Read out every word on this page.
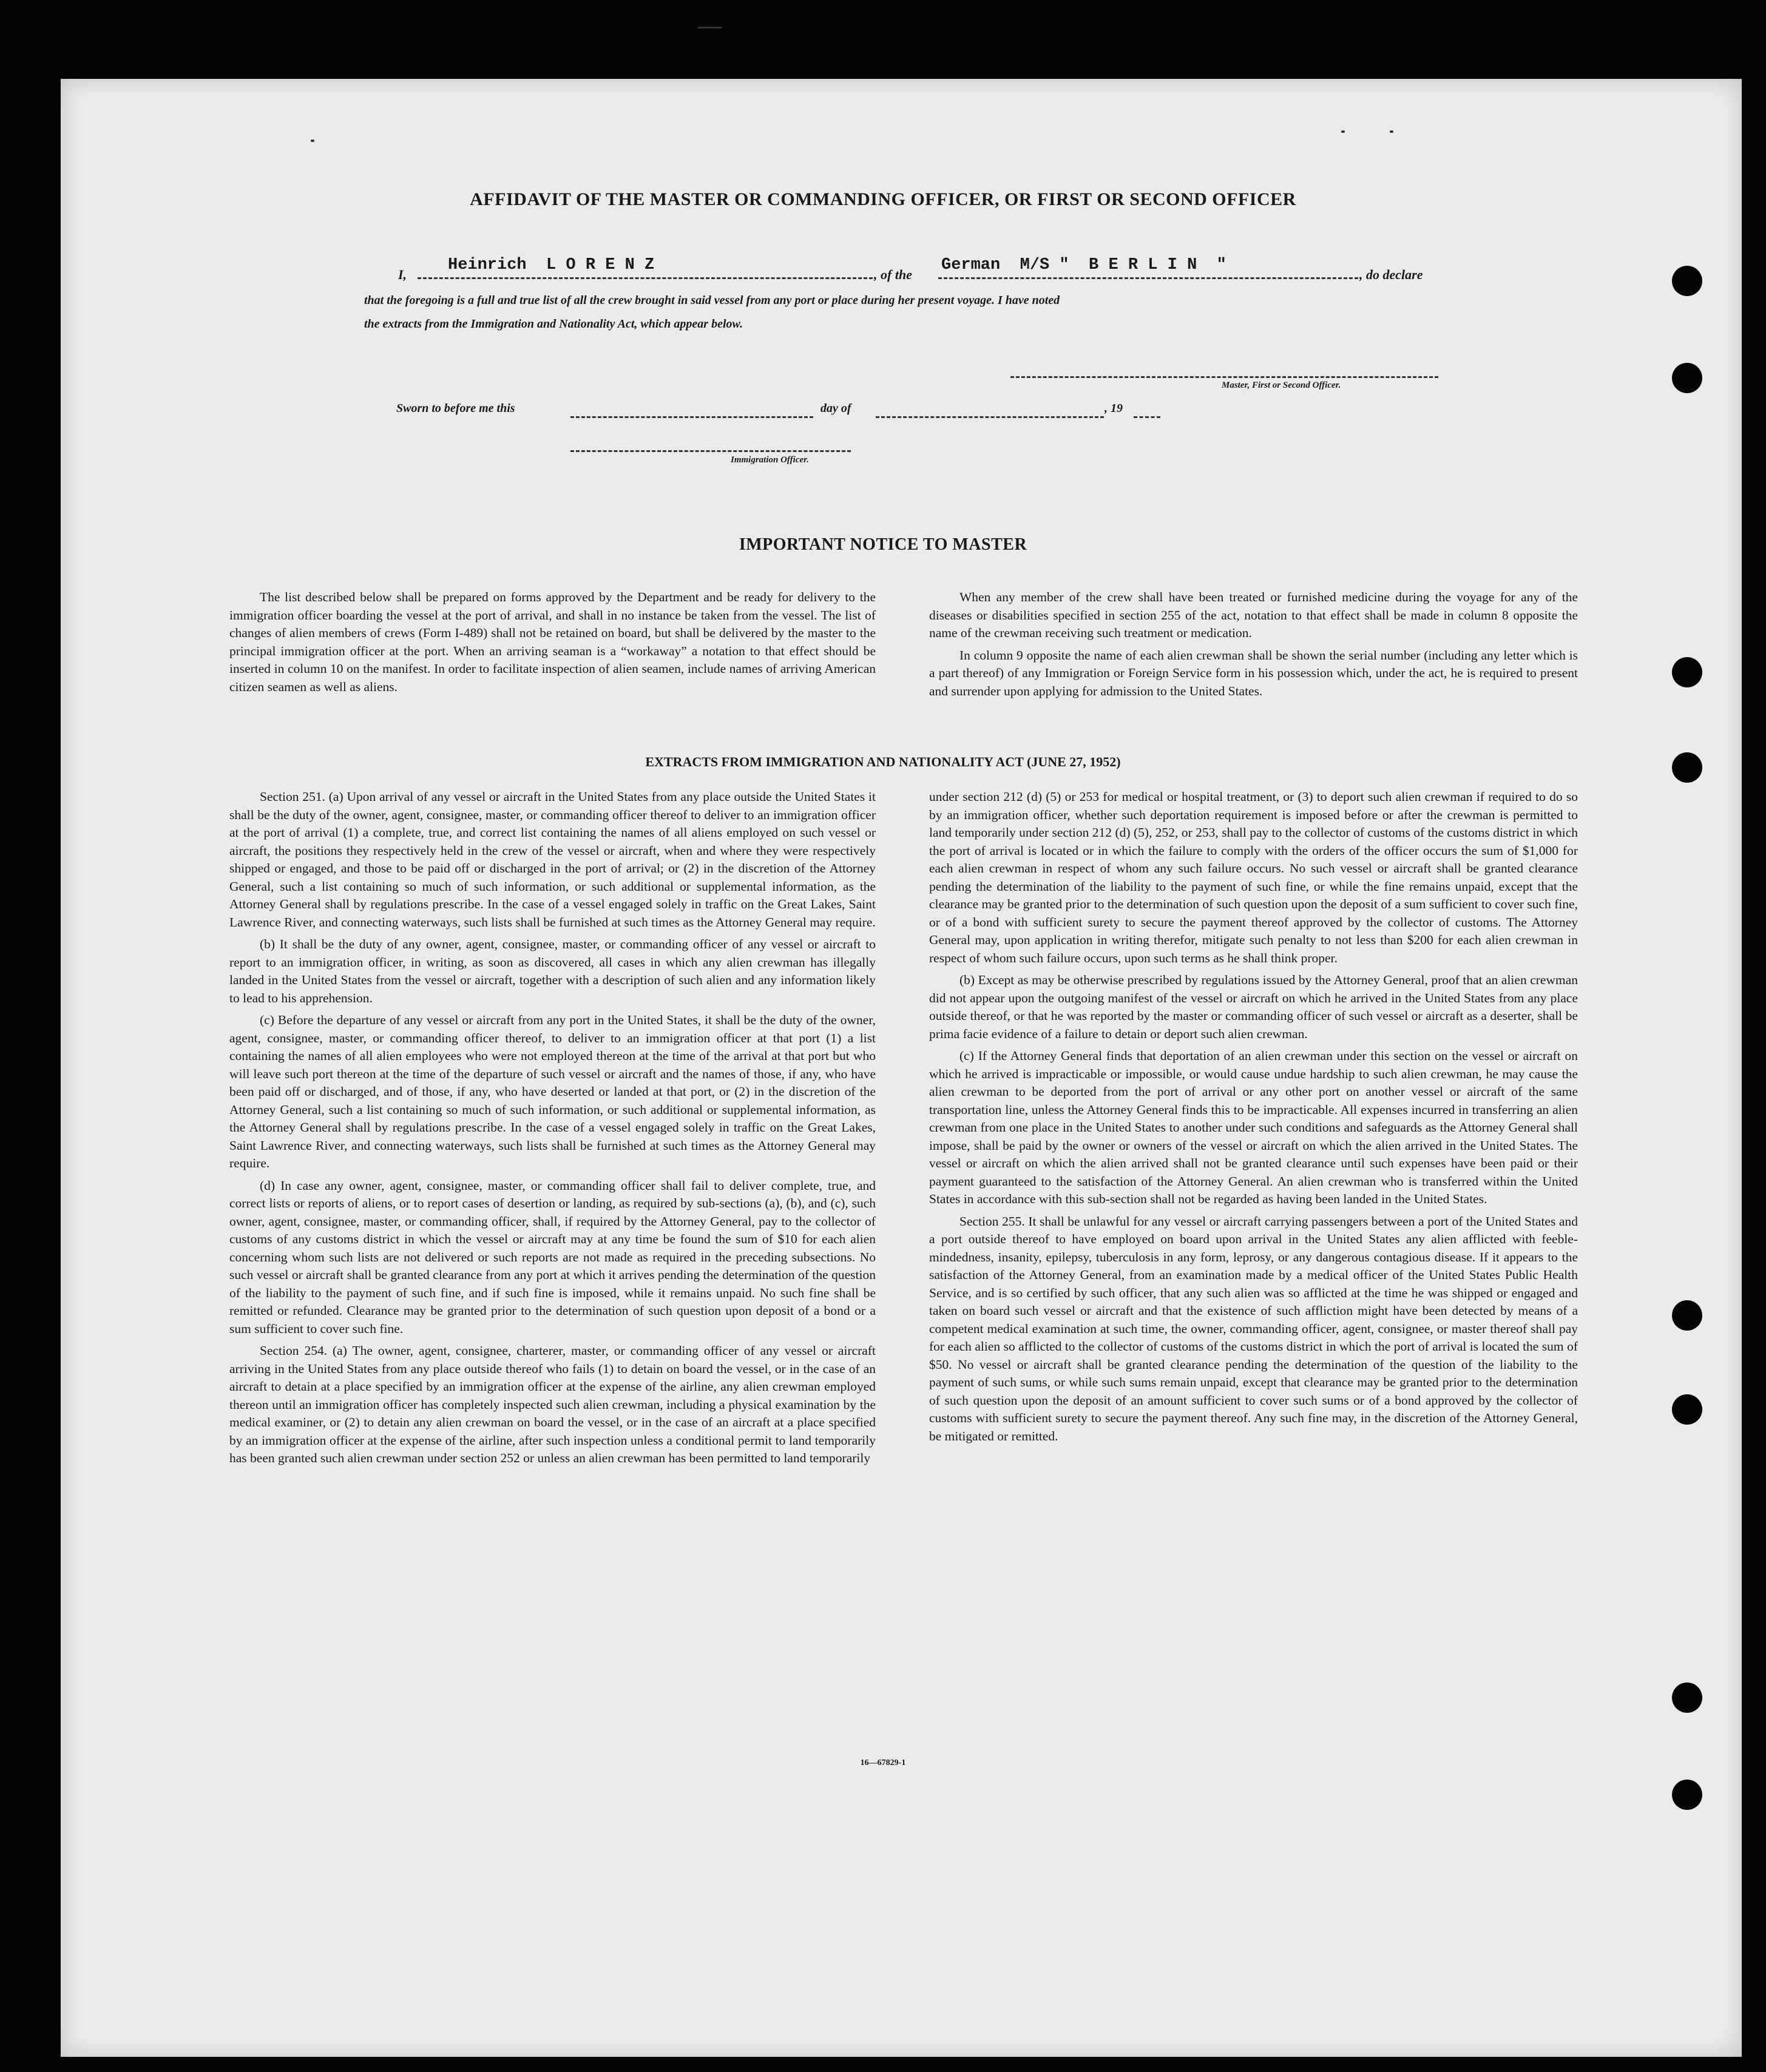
AFFIDAVIT OF THE MASTER OR COMMANDING OFFICER, OR FIRST OR SECOND OFFICER
I,
Heinrich  L O R E N Z
, of the
German  M/S "  B E R L I N  "
, do declare
that the foregoing is a full and true list of all the crew brought in said vessel from any port or place during her present voyage. I have noted
the extracts from the Immigration and Nationality Act, which appear below.
Master, First or Second Officer.
Sworn to before me this	day of	, 19
Immigration Officer.
IMPORTANT NOTICE TO MASTER

The list described below shall be prepared on forms approved by the Department and be ready for delivery to the immigration officer boarding the vessel at the port of arrival, and shall in no instance be taken from the vessel. The list of changes of alien members of crews (Form I-489) shall not be retained on board, but shall be delivered by the master to the principal immigration officer at the port. When an arriving seaman is a “workaway” a notation to that effect should be inserted in column 10 on the manifest. In order to facilitate inspection of alien seamen, include names of arriving American citizen seamen as well as aliens.

When any member of the crew shall have been treated or furnished medicine during the voyage for any of the diseases or disabilities specified in section 255 of the act, notation to that effect shall be made in column 8 opposite the name of the crewman receiving such treatment or medication.

In column 9 opposite the name of each alien crewman shall be shown the serial number (including any letter which is a part thereof) of any Immigration or Foreign Service form in his possession which, under the act, he is required to present and surrender upon applying for admission to the United States.

EXTRACTS FROM IMMIGRATION AND NATIONALITY ACT (JUNE 27, 1952)

Section 251. (a) Upon arrival of any vessel or aircraft in the United States from any place outside the United States it shall be the duty of the owner, agent, consignee, master, or commanding officer thereof to deliver to an immigration officer at the port of arrival (1) a complete, true, and correct list containing the names of all aliens employed on such vessel or aircraft, the positions they respectively held in the crew of the vessel or aircraft, when and where they were respectively shipped or engaged, and those to be paid off or discharged in the port of arrival; or (2) in the discretion of the Attorney General, such a list containing so much of such information, or such additional or supplemental information, as the Attorney General shall by regulations prescribe. In the case of a vessel engaged solely in traffic on the Great Lakes, Saint Lawrence River, and connecting waterways, such lists shall be furnished at such times as the Attorney General may require.

(b) It shall be the duty of any owner, agent, consignee, master, or commanding officer of any vessel or aircraft to report to an immigration officer, in writing, as soon as discovered, all cases in which any alien crewman has illegally landed in the United States from the vessel or aircraft, together with a description of such alien and any information likely to lead to his apprehension.

(c) Before the departure of any vessel or aircraft from any port in the United States, it shall be the duty of the owner, agent, consignee, master, or commanding officer thereof, to deliver to an immigration officer at that port (1) a list containing the names of all alien employees who were not employed thereon at the time of the arrival at that port but who will leave such port thereon at the time of the departure of such vessel or aircraft and the names of those, if any, who have been paid off or discharged, and of those, if any, who have deserted or landed at that port, or (2) in the discretion of the Attorney General, such a list containing so much of such information, or such additional or supplemental information, as the Attorney General shall by regulations prescribe. In the case of a vessel engaged solely in traffic on the Great Lakes, Saint Lawrence River, and connecting waterways, such lists shall be furnished at such times as the Attorney General may require.

(d) In case any owner, agent, consignee, master, or commanding officer shall fail to deliver complete, true, and correct lists or reports of aliens, or to report cases of desertion or landing, as required by sub-sections (a), (b), and (c), such owner, agent, consignee, master, or commanding officer, shall, if required by the Attorney General, pay to the collector of customs of any customs district in which the vessel or aircraft may at any time be found the sum of $10 for each alien concerning whom such lists are not delivered or such reports are not made as required in the preceding subsections. No such vessel or aircraft shall be granted clearance from any port at which it arrives pending the determination of the question of the liability to the payment of such fine, and if such fine is imposed, while it remains unpaid. No such fine shall be remitted or refunded. Clearance may be granted prior to the determination of such question upon deposit of a bond or a sum sufficient to cover such fine.

Section 254. (a) The owner, agent, consignee, charterer, master, or commanding officer of any vessel or aircraft arriving in the United States from any place outside thereof who fails (1) to detain on board the vessel, or in the case of an aircraft to detain at a place specified by an immigration officer at the expense of the airline, any alien crewman employed thereon until an immigration officer has completely inspected such alien crewman, including a physical examination by the medical examiner, or (2) to detain any alien crewman on board the vessel, or in the case of an aircraft at a place specified by an immigration officer at the expense of the airline, after such inspection unless a conditional permit to land temporarily has been granted such alien crewman under section 252 or unless an alien crewman has been permitted to land temporarily

under section 212 (d) (5) or 253 for medical or hospital treatment, or (3) to deport such alien crewman if required to do so by an immigration officer, whether such deportation requirement is imposed before or after the crewman is permitted to land temporarily under section 212 (d) (5), 252, or 253, shall pay to the collector of customs of the customs district in which the port of arrival is located or in which the failure to comply with the orders of the officer occurs the sum of $1,000 for each alien crewman in respect of whom any such failure occurs. No such vessel or aircraft shall be granted clearance pending the determination of the liability to the payment of such fine, or while the fine remains unpaid, except that the clearance may be granted prior to the determination of such question upon the deposit of a sum sufficient to cover such fine, or of a bond with sufficient surety to secure the payment thereof approved by the collector of customs. The Attorney General may, upon application in writing therefor, mitigate such penalty to not less than $200 for each alien crewman in respect of whom such failure occurs, upon such terms as he shall think proper.

(b) Except as may be otherwise prescribed by regulations issued by the Attorney General, proof that an alien crewman did not appear upon the outgoing manifest of the vessel or aircraft on which he arrived in the United States from any place outside thereof, or that he was reported by the master or commanding officer of such vessel or aircraft as a deserter, shall be prima facie evidence of a failure to detain or deport such alien crewman.

(c) If the Attorney General finds that deportation of an alien crewman under this section on the vessel or aircraft on which he arrived is impracticable or impossible, or would cause undue hardship to such alien crewman, he may cause the alien crewman to be deported from the port of arrival or any other port on another vessel or aircraft of the same transportation line, unless the Attorney General finds this to be impracticable. All expenses incurred in transferring an alien crewman from one place in the United States to another under such conditions and safeguards as the Attorney General shall impose, shall be paid by the owner or owners of the vessel or aircraft on which the alien arrived in the United States. The vessel or aircraft on which the alien arrived shall not be granted clearance until such expenses have been paid or their payment guaranteed to the satisfaction of the Attorney General. An alien crewman who is transferred within the United States in accordance with this sub-section shall not be regarded as having been landed in the United States.

Section 255. It shall be unlawful for any vessel or aircraft carrying passengers between a port of the United States and a port outside thereof to have employed on board upon arrival in the United States any alien afflicted with feeble-mindedness, insanity, epilepsy, tuberculosis in any form, leprosy, or any dangerous contagious disease. If it appears to the satisfaction of the Attorney General, from an examination made by a medical officer of the United States Public Health Service, and is so certified by such officer, that any such alien was so afflicted at the time he was shipped or engaged and taken on board such vessel or aircraft and that the existence of such affliction might have been detected by means of a competent medical examination at such time, the owner, commanding officer, agent, consignee, or master thereof shall pay for each alien so afflicted to the collector of customs of the customs district in which the port of arrival is located the sum of $50. No vessel or aircraft shall be granted clearance pending the determination of the question of the liability to the payment of such sums, or while such sums remain unpaid, except that clearance may be granted prior to the determination of such question upon the deposit of an amount sufficient to cover such sums or of a bond approved by the collector of customs with sufficient surety to secure the payment thereof. Any such fine may, in the discretion of the Attorney General, be mitigated or remitted.

16—67829-1
